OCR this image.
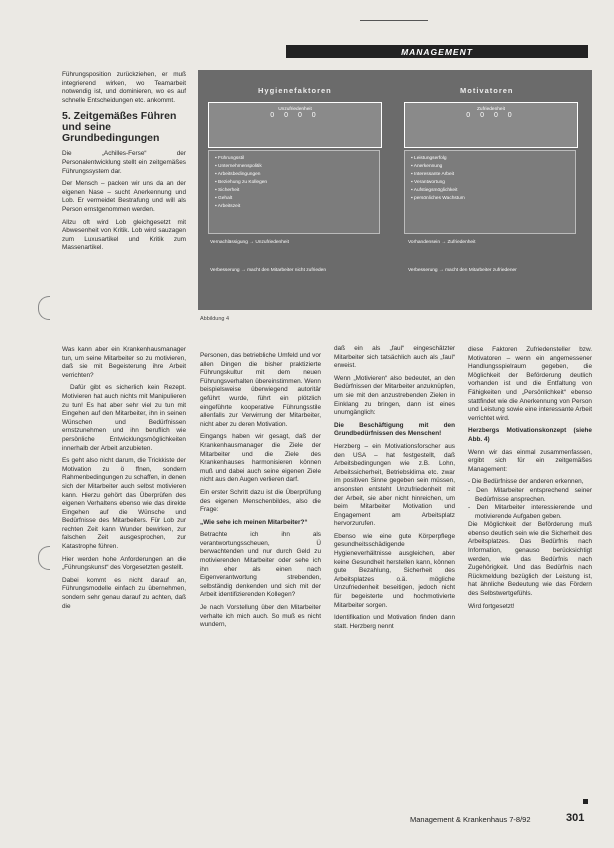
MANAGEMENT

Führungsposition zurückziehen, er muß integrierend wirken, wo Teamarbeit notwendig ist, und dominieren, wo es auf schnelle Entscheidungen etc. ankommt.

5. Zeitgemäßes Führen und seine Grundbedingungen

Die „Achilles-Ferse“ der Personalentwicklung stellt ein zeitgemäßes Führungssystem dar.

Der Mensch – packen wir uns da an der eigenen Nase – sucht Anerkennung und Lob. Er vermeidet Bestrafung und will als Person ernstgenommen werden.

Allzu oft wird Lob gleichgesetzt mit Abwesenheit von Kritik. Lob wird sauzagen zum Luxusartikel und Kritik zum Massenartikel.

Hygienefaktoren	Motivatoren
Unzufriedenheit
0 0 0 0
Zufriedenheit
0 0 0 0
▪ Führungsstil
▪ Unternehmenspolitik
▪ Arbeitsbedingungen
▪ Beziehung zu Kollegen
▪ Sicherheit
▪ Gehalt
▪ Arbeitszeit
▪ Leistungserfolg
▪ Anerkennung
▪ Interessante Arbeit
▪ Verantwortung
▪ Aufstiegsmöglichkeit
▪ persönliches Wachstum
Vernachlässigung → Unzufriedenheit	Vorhandensein → Zufriedenheit
Verbesserung → macht den Mitarbeiter nicht zufrieden	Verbesserung → macht den Mitarbeiter zufriedener
Abbildung 4

Was kann aber ein Krankenhausmanager tun, um seine Mitarbeiter so zu motivieren, daß sie mit Begeisterung ihre Arbeit verrichten?

Dafür gibt es sicherlich kein Rezept. Motivieren hat auch nichts mit Manipulieren zu tun! Es hat aber sehr viel zu tun mit Eingehen auf den Mitarbeiter, ihn in seinen Wünschen und Bedürfnissen ernstzunehmen und ihn beruflich wie persönliche Entwicklungsmöglichkeiten innerhalb der Arbeit anzubieten.

Es geht also nicht darum, die Trickkiste der Motivation zu ö ffnen, sondern Rahmenbedingungen zu schaffen, in denen sich der Mitarbeiter auch selbst motivieren kann. Hierzu gehört das Überprüfen des eigenen Verhaltens ebenso wie das direkte Eingehen auf die Wünsche und Bedürfnisse des Mitarbeiters. Für Lob zur rechten Zeit kann Wunder bewirken, zur falschen Zeit ausgesprochen, zur Katastrophe führen.

Hier werden hohe Anforderungen an die „Führungskunst“ des Vorgesetzten gestellt.

Dabei kommt es nicht darauf an, Führungsmodelle einfach zu übernehmen, sondern sehr genau darauf zu achten, daß die

Personen, das betriebliche Umfeld und vor allen Dingen die bisher praktizierte Führungskultur mit dem neuen Führungsverhalten übereinstimmen. Wenn beispielsweise überwiegend autoritär geführt wurde, führt ein plötzlich eingeführte kooperative Führungsstile allenfalls zur Verwirrung der Mitarbeiter, nicht aber zu deren Motivation.

Eingangs haben wir gesagt, daß der Krankenhausmanager die Ziele der Mitarbeiter und die Ziele des Krankenhauses harmonisieren können muß und dabei auch seine eigenen Ziele nicht aus den Augen verlieren darf.

Ein erster Schritt dazu ist die Überprüfung des eigenen Menschenbildes, also die Frage:

„Wie sehe ich meinen Mitarbeiter?“

Betrachte ich ihn als verantwortungsscheuen, Ü berwachtenden und nur durch Geld zu motivierenden Mitarbeiter oder sehe ich ihn eher als einen nach Eigenverantwortung strebenden, selbständig denkenden und sich mit der Arbeit identifizierenden Kollegen?

Je nach Vorstellung über den Mitarbeiter verhalte ich mich auch. So muß es nicht wundern,

daß ein als „faul“ eingeschätzter Mitarbeiter sich tatsächlich auch als „faul“ erweist.

Wenn „Motivieren“ also bedeutet, an den Bedürfnissen der Mitarbeiter anzuknüpfen, um sie mit den anzustrebenden Zielen in Einklang zu bringen, dann ist eines unumgänglich:

Die Beschäftigung mit den Grundbedürfnissen des Menschen!

Herzberg – ein Motivationsforscher aus den USA – hat festgestellt, daß Arbeitsbedingungen wie z.B. Lohn, Arbeitssicherheit, Betriebsklima etc. zwar im positiven Sinne gegeben sein müssen, ansonsten entsteht Unzufriedenheit mit der Arbeit, sie aber nicht hinreichen, um beim Mitarbeiter Motivation und Engagement am Arbeitsplatz hervorzurufen.

Ebenso wie eine gute Körperpflege gesundheitsschädigende Hygieneverhältnisse ausgleichen, aber keine Gesundheit herstellen kann, können gute Bezahlung, Sicherheit des Arbeitsplatzes o.ä. mögliche Unzufriedenheit beseitigen, jedoch nicht für begeisterte und hochmotivierte Mitarbeiter sorgen.

Identifikation und Motivation finden dann statt. Herzberg nennt

diese Faktoren Zufriedensteller bzw. Motivatoren – wenn ein angemessener Handlungsspielraum gegeben, die Möglichkeit der Beförderung deutlich vorhanden ist und die Entfaltung von Fähigkeiten und „Persönlichkeit“ ebenso stattfindet wie die Anerkennung von Person und Leistung sowie eine interessante Arbeit verrichtet wird.

Herzbergs Motivationskonzept (siehe Abb. 4)

Wenn wir das einmal zusammenfassen, ergibt sich für ein zeitgemäßes Management:

- Die Bedürfnisse der anderen erkennen,
- Den Mitarbeiter entsprechend seiner Bedürfnisse ansprechen.
- Den Mitarbeiter interessierende und motivierende Aufgaben geben.

Die Möglichkeit der Beförderung muß ebenso deutlich sein wie die Sicherheit des Arbeitsplatzes. Das Bedürfnis nach Information, genauso berücksichtigt werden, wie das Bedürfnis nach Zugehörigkeit. Und das Bedürfnis nach Rückmeldung bezüglich der Leistung ist, hat ähnliche Bedeutung wie das Fördern des Selbstwertgefühls.

Wird fortgesetzt!

Management & Krankenhaus 7-8/92	301
